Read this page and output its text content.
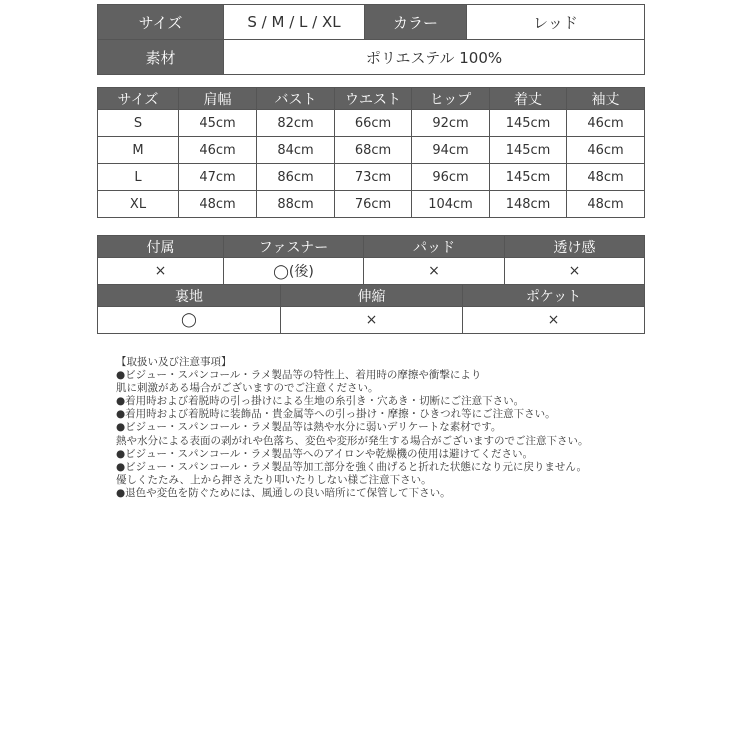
サイズ	S / M / L / XL	カラー	レッド
素材	ポリエステル 100%		
サイズ	肩幅	バスト	ウエスト	ヒップ	着丈	袖丈
S	45cm	82cm	66cm	92cm	145cm	46cm
M	46cm	84cm	68cm	94cm	145cm	46cm
L	47cm	86cm	73cm	96cm	145cm	48cm
XL	48cm	88cm	76cm	104cm	148cm	48cm
付属	ファスナー	パッド	透け感
×	◯(後)	×	×
裏地	伸縮	ポケット
◯	×	×
【取扱い及び注意事項】
●ビジュー・スパンコール・ラメ製品等の特性上、着用時の摩擦や衝撃により
肌に刺激がある場合がございますのでご注意ください。
●着用時および着脱時の引っ掛けによる生地の糸引き・穴あき・切断にご注意下さい。
●着用時および着脱時に装飾品・貴金属等への引っ掛け・摩擦・ひきつれ等にご注意下さい。
●ビジュー・スパンコール・ラメ製品等は熱や水分に弱いデリケートな素材です。
熱や水分による表面の剥がれや色落ち、変色や変形が発生する場合がございますのでご注意下さい。
●ビジュー・スパンコール・ラメ製品等へのアイロンや乾燥機の使用は避けてください。
●ビジュー・スパンコール・ラメ製品等加工部分を強く曲げると折れた状態になり元に戻りません。
優しくたたみ、上から押さえたり叩いたりしない様ご注意下さい。
●退色や変色を防ぐためには、風通しの良い暗所にて保管して下さい。
